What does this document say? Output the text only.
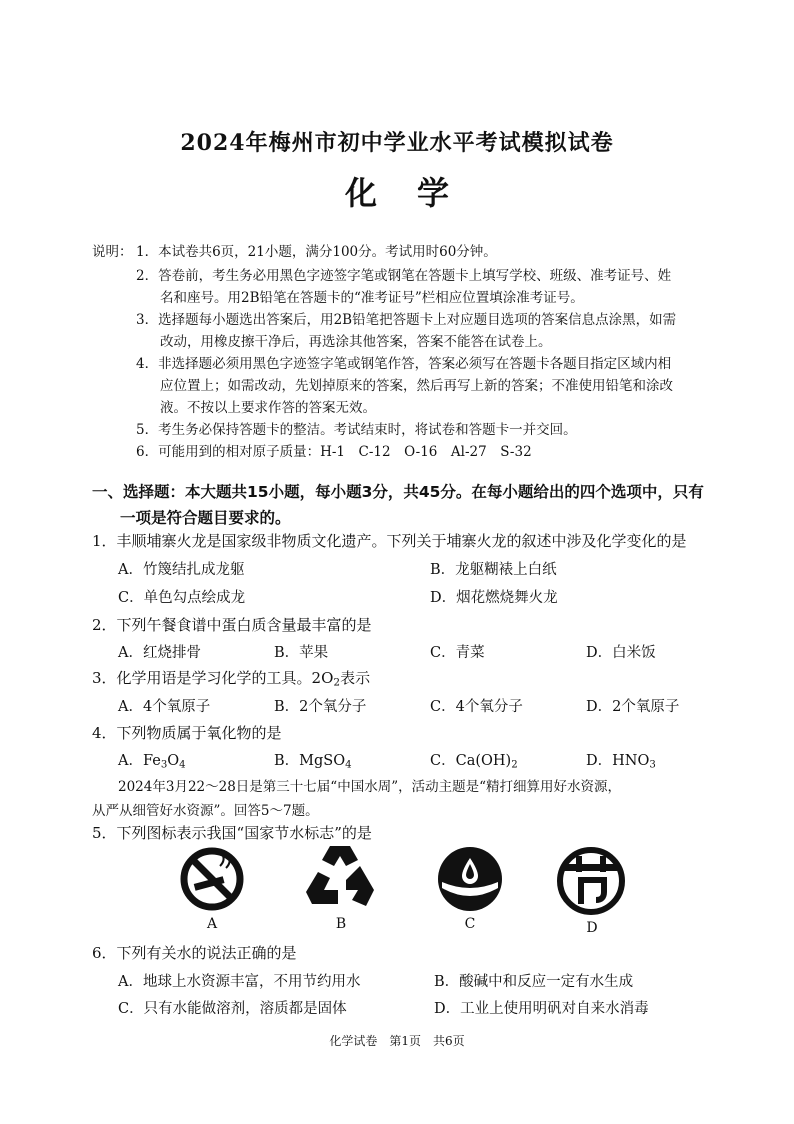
2024年梅州市初中学业水平考试模拟试卷
化学
说明： 1．本试卷共6页，21小题，满分100分。考试用时60分钟。
2．答卷前，考生务必用黑色字迹签字笔或钢笔在答题卡上填写学校、班级、准考证号、姓
名和座号。用2B铅笔在答题卡的“准考证号”栏相应位置填涂准考证号。
3．选择题每小题选出答案后，用2B铅笔把答题卡上对应题目选项的答案信息点涂黑，如需
改动，用橡皮擦干净后，再选涂其他答案，答案不能答在试卷上。
4．非选择题必须用黑色字迹签字笔或钢笔作答，答案必须写在答题卡各题目指定区域内相
应位置上；如需改动，先划掉原来的答案，然后再写上新的答案；不准使用铅笔和涂改
液。不按以上要求作答的答案无效。
5．考生务必保持答题卡的整洁。考试结束时，将试卷和答题卡一并交回。
6．可能用到的相对原子质量：H-1　C-12　O-16　Al-27　S-32
一、选择题：本大题共15小题，每小题3分，共45分。在每小题给出的四个选项中，只有
一项是符合题目要求的。
1．丰顺埔寨火龙是国家级非物质文化遗产。下列关于埔寨火龙的叙述中涉及化学变化的是
A．竹篾结扎成龙躯	B．龙躯糊裱上白纸
C．单色勾点绘成龙	D．烟花燃烧舞火龙
2．下列午餐食谱中蛋白质含量最丰富的是
A．红烧排骨	B．苹果	C．青菜	D．白米饭
3．化学用语是学习化学的工具。$2O_2$表示
A．4个氧原子	B．2个氧分子	C．4个氧分子	D．2个氧原子
4．下列物质属于氧化物的是
A．$Fe_3O_4$	B．MgSO$_4$	C．$Ca(OH)_2$	D．$HNO_3$
2024年3月22～28日是第三十七届“中国水周”，活动主题是“精打细算用好水资源，
从严从细管好水资源”。回答5～7题。
5．下列图标表示我国“国家节水标志”的是
A	B	C	D
6．下列有关水的说法正确的是
A．地球上水资源丰富，不用节约用水	B．酸碱中和反应一定有水生成
C．只有水能做溶剂，溶质都是固体	D．工业上使用明矾对自来水消毒
化学试卷　第1页　共6页
